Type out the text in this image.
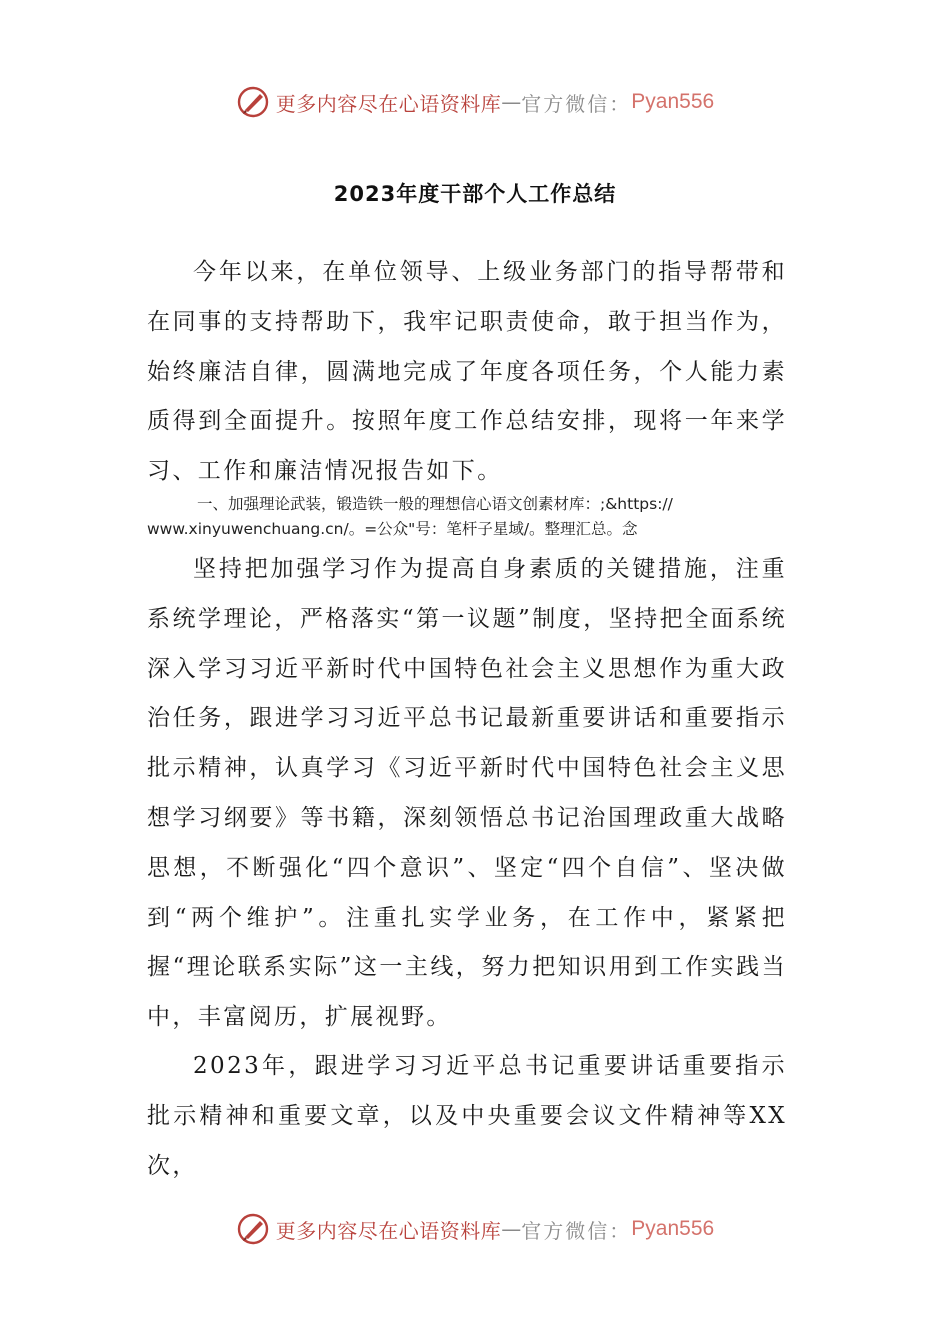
更多内容尽在心语资料库 — 官方微信： Pyan556
2023年度干部个人工作总结
今年以来，在单位领导、上级业务部门的指导帮带和在同事的支持帮助下，我牢记职责使命，敢于担当作为，始终廉洁自律，圆满地完成了年度各项任务，个人能力素质得到全面提升。按照年度工作总结安排，现将一年来学习、工作和廉洁情况报告如下。
一、加强理论武装，锻造铁一般的理想信心语文创素材库：;&https://
www.xinyuwenchuang.cn/。=公众"号：笔杆子星域/。整理汇总。念
坚持把加强学习作为提高自身素质的关键措施，注重系统学理论，严格落实“第一议题”制度，坚持把全面系统深入学习习近平新时代中国特色社会主义思想作为重大政治任务，跟进学习习近平总书记最新重要讲话和重要指示批示精神，认真学习《习近平新时代中国特色社会主义思想学习纲要》等书籍，深刻领悟总书记治国理政重大战略思想，不断强化“四个意识”、坚定“四个自信”、坚决做到“两个维护”。注重扎实学业务，在工作中，紧紧把握“理论联系实际”这一主线，努力把知识用到工作实践当中，丰富阅历，扩展视野。
2023年，跟进学习习近平总书记重要讲话重要指示批示精神和重要文章，以及中央重要会议文件精神等XX次，
更多内容尽在心语资料库 — 官方微信： Pyan556
